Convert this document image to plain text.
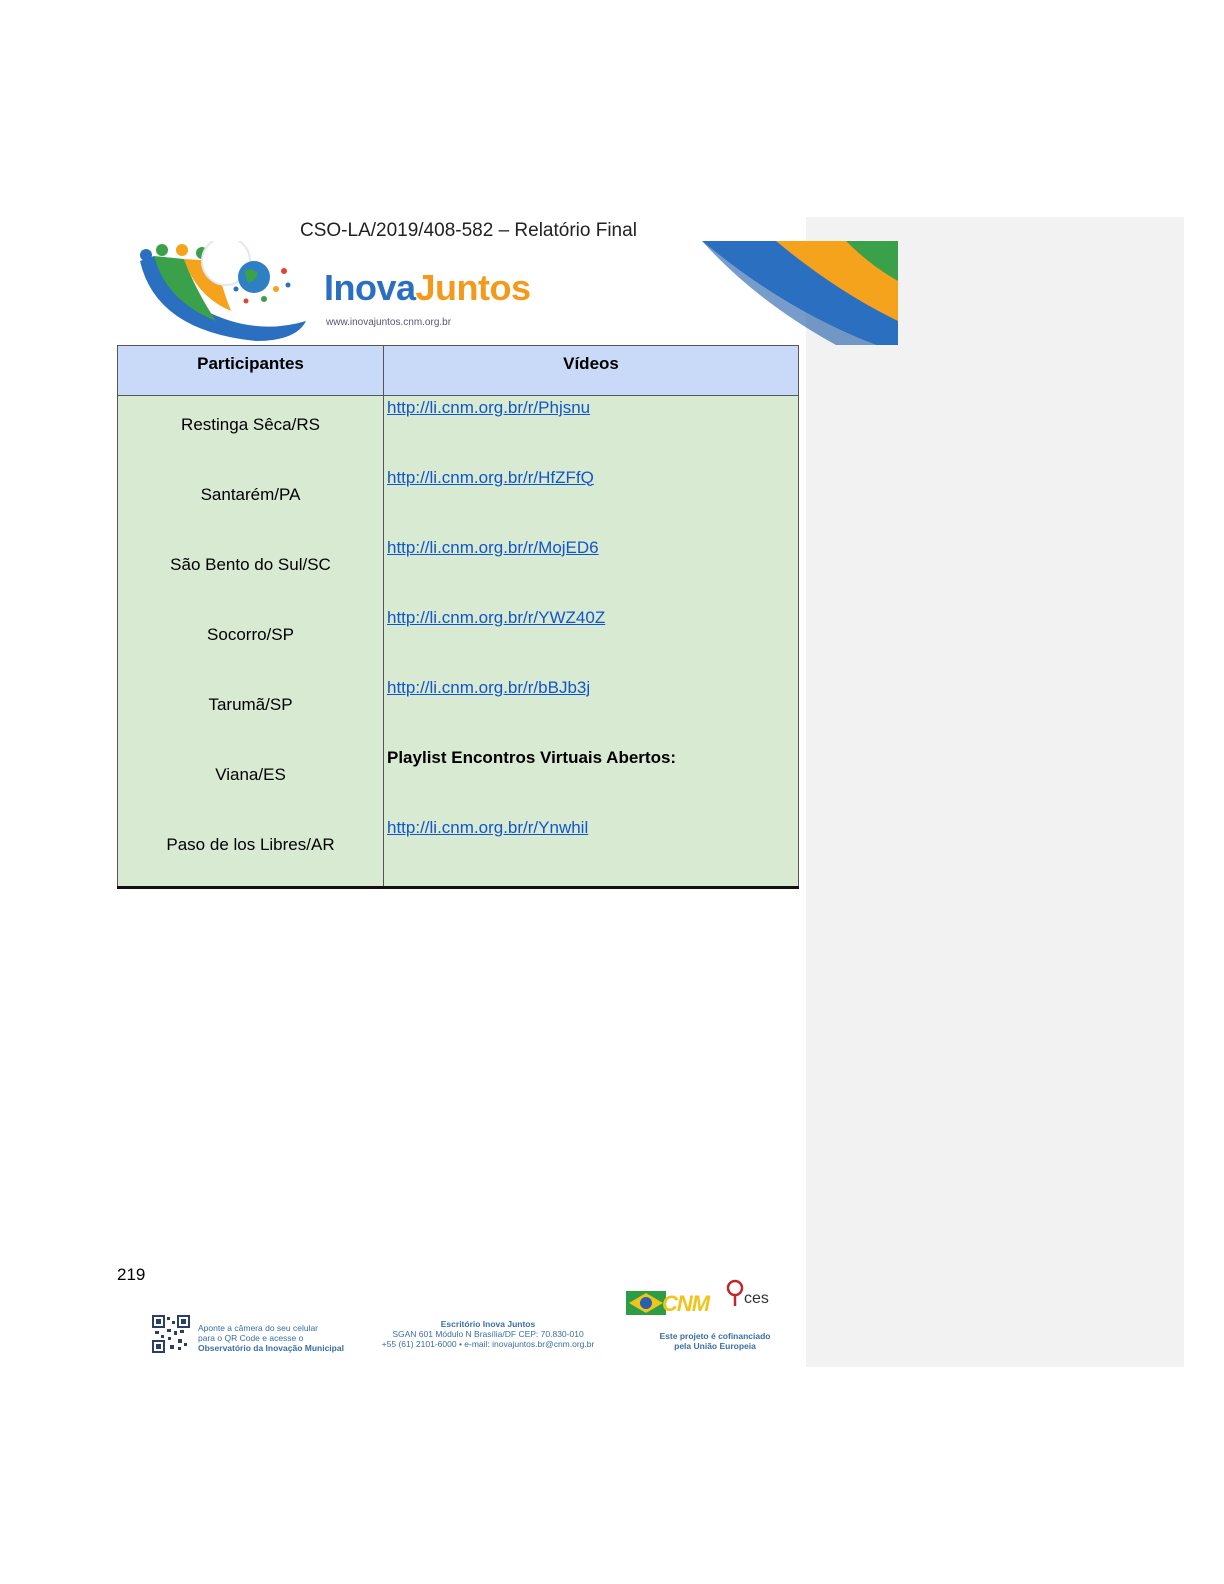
CSO-LA/2019/408-582 – Relatório Final
InovaJuntos
www.inovajuntos.cnm.org.br
Participantes	Vídeos
Restinga Sêca/RS	http://li.cnm.org.br/r/Phjsnu
Santarém/PA	http://li.cnm.org.br/r/HfZFfQ
São Bento do Sul/SC	http://li.cnm.org.br/r/MojED6
Socorro/SP	http://li.cnm.org.br/r/YWZ40Z
Tarumã/SP	http://li.cnm.org.br/r/bBJb3j
Viana/ES	Playlist Encontros Virtuais Abertos:
Paso de los Libres/AR	http://li.cnm.org.br/r/Ynwhil
219
Aponte a câmera do seu celular
para o QR Code e acesse o
Observatório da Inovação Municipal
Escritório Inova Juntos
SGAN 601 Módulo N Brasília/DF CEP: 70.830-010
+55 (61) 2101-6000 • e-mail: inovajuntos.br@cnm.org.br
CNM ces
Este projeto é cofinanciado
pela União Europeia
